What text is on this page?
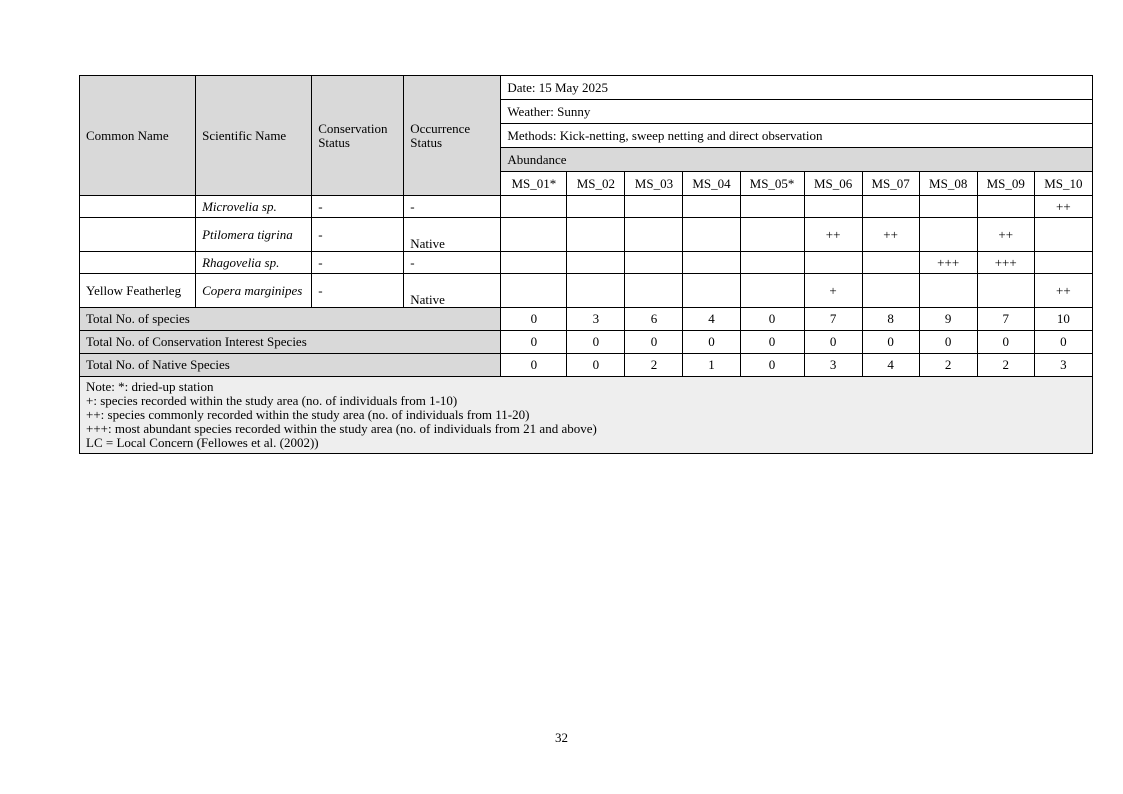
Common Name	Scientific Name	Conservation Status	Occurrence Status	Date: 15 May 2025									
				Weather: Sunny									
				Methods: Kick-netting, sweep netting and direct observation									
				Abundance									
				MS_01*	MS_02	MS_03	MS_04	MS_05*	MS_06	MS_07	MS_08	MS_09	MS_10
	Microvelia sp.	-	-										++
	Ptilomera tigrina	-	Native						++	++		++	
	Rhagovelia sp.	-	-								+++	+++	
Yellow Featherleg	Copera marginipes	-	Native						+				++
Total No. of species				0	3	6	4	0	7	8	9	7	10
Total No. of Conservation Interest Species				0	0	0	0	0	0	0	0	0	0
Total No. of Native Species				0	0	2	1	0	3	4	2	2	3

Note: *: dried-up station
+: species recorded within the study area (no. of individuals from 1-10)
++: species commonly recorded within the study area (no. of individuals from 11-20)
+++: most abundant species recorded within the study area (no. of individuals from 21 and above)
LC = Local Concern (Fellowes et al. (2002))													
32
